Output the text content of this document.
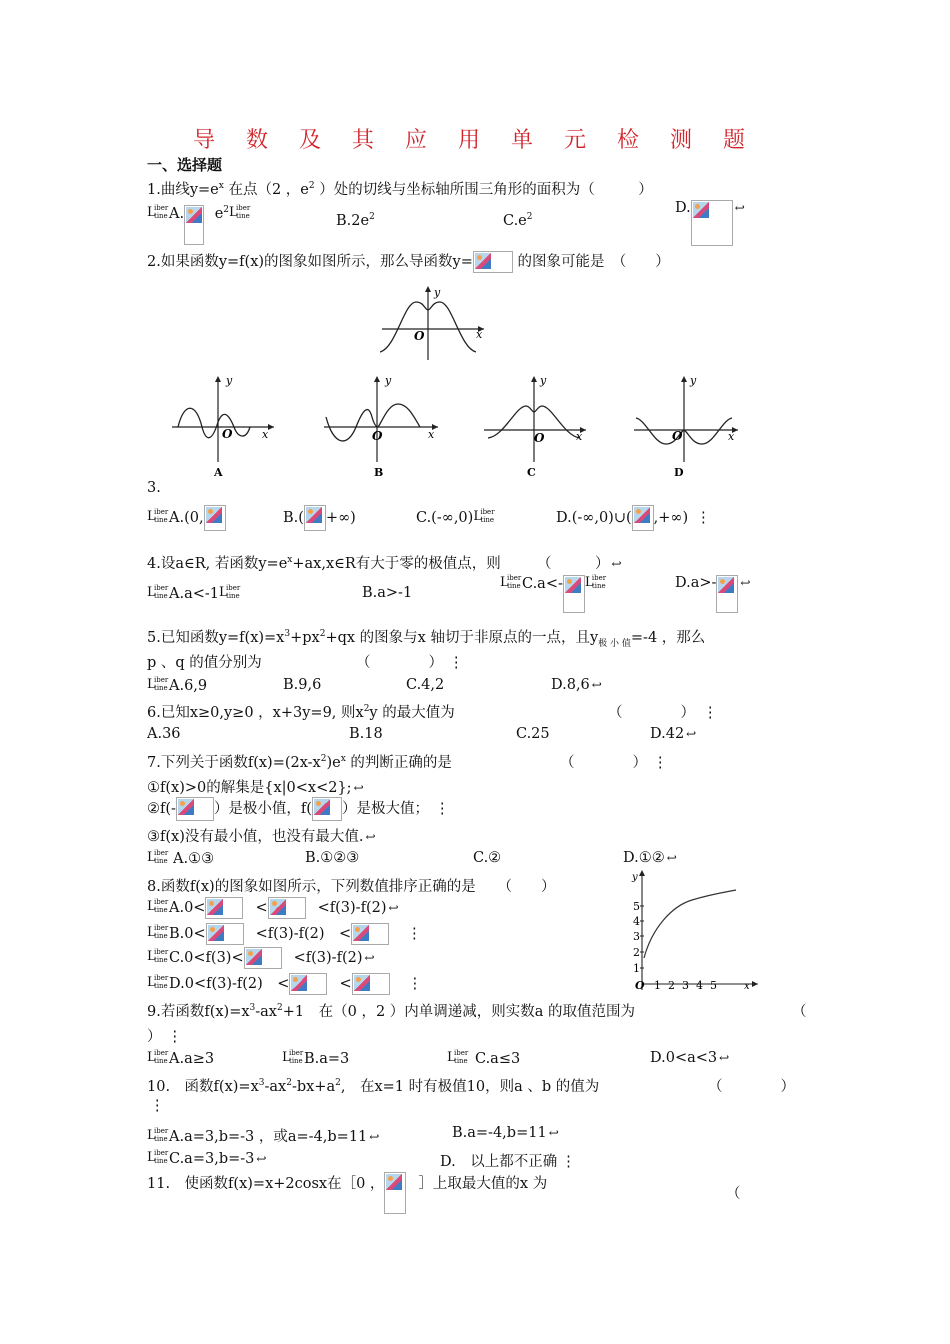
导 数 及 其 应 用 单 元 检 测 题
一、选择题
1.曲线$y=e^x$ 在点（2 ，$e^2$ ）处的切线与坐标轴所围三角形的面积为（　　　）
L
iber
tine A. $e^2$ L
iber
tine	$B.2e^2$	$C.e^2$
D.	↩
2.如果函数y=f(x)的图象如图所示，那么导函数y=	的图象可能是　（　　）
y
x
O
y
x
O
A
y
x
O
B
y
x
O
C
y
x
O
D
3.
L
iber
tine A.(0,	B.( +∞)	C.(-∞,0) L
iber
tine	D.(-∞,0)∪( ,+∞) ⋮
4.设a∈R, 若函数$y=e^x+ax,x\in R$有大于零的极值点，则　　　（　　　） ↩
L
iber
tine A.a<-1 L
iber
tine	B.a>-1
L
iber
tine C.a<- L
iber
tine	D.a>- ↩
5.已知函数$y=f(x)=x^3+px^2+qx$ 的图象与x 轴切于非原点的一点，且$y_{极 小 值}=-4$ ，那么
p 、q 的值分别为　　　　　　　（　　　　） ⋮
L
iber
tine A.6,9	B.9,6	C.4,2	D.8,6 ↩
6.已知x≥0,y≥0 ，x+3y=9, 则$x^2y$ 的最大值为	（　　　　） ⋮
A.36	B.18	C.25	D.42 ↩
7.下列关于函数$f(x)=(2x-x^2)e^x$ 的判断正确的是	（　　　　） ⋮
①f(x)>0的解集是{x|0<x<2}; ↩
②f(-	）是极小值，f( ）是极大值； ⋮
③f(x)没有最小值，也没有最大值. ↩
L
iber
tine A.①③	B.①②③	C.②	D.①② ↩
8.函数f(x)的图象如图所示，下列数值排序正确的是　　（　　）
L
iber
tine A.0<	<	<f(3)-f(2) ↩
L
iber
tine B.0<	<f(3)-f(2)　<	⋮
L
iber
tine C.0<f(3)<	<f(3)-f(2) ↩
L
iber
tine D.0<f(3)-f(2)　<	<	⋮
y
5
4
3
2
1
O 1 2 3 4 5	x
9.若函数$f(x)=x^3-ax^2+1$　在（0 ，2 ）内单调递减，则实数a 的取值范围为	（
） ⋮
L
iber
tine A.a≥3	L
iber
tine B.a=3	L
iber
tine C.a≤3	D.0<a<3 ↩
10.　函数$f(x)=x^3-ax^2-bx+a^2$,　在x=1 时有极值10，则a 、b 的值为	（　　　　）
⋮
L
iber
tine A.a=3,b=-3 ，或a=-4,b=11 ↩	B.a=-4,b=11 ↩
L
iber
tine C.a=3,b=-3 ↩	D.　以上都不正确 ⋮
11.　使函数f(x)=x+2cosx在［0 ， ］上取最大值的x 为
（
